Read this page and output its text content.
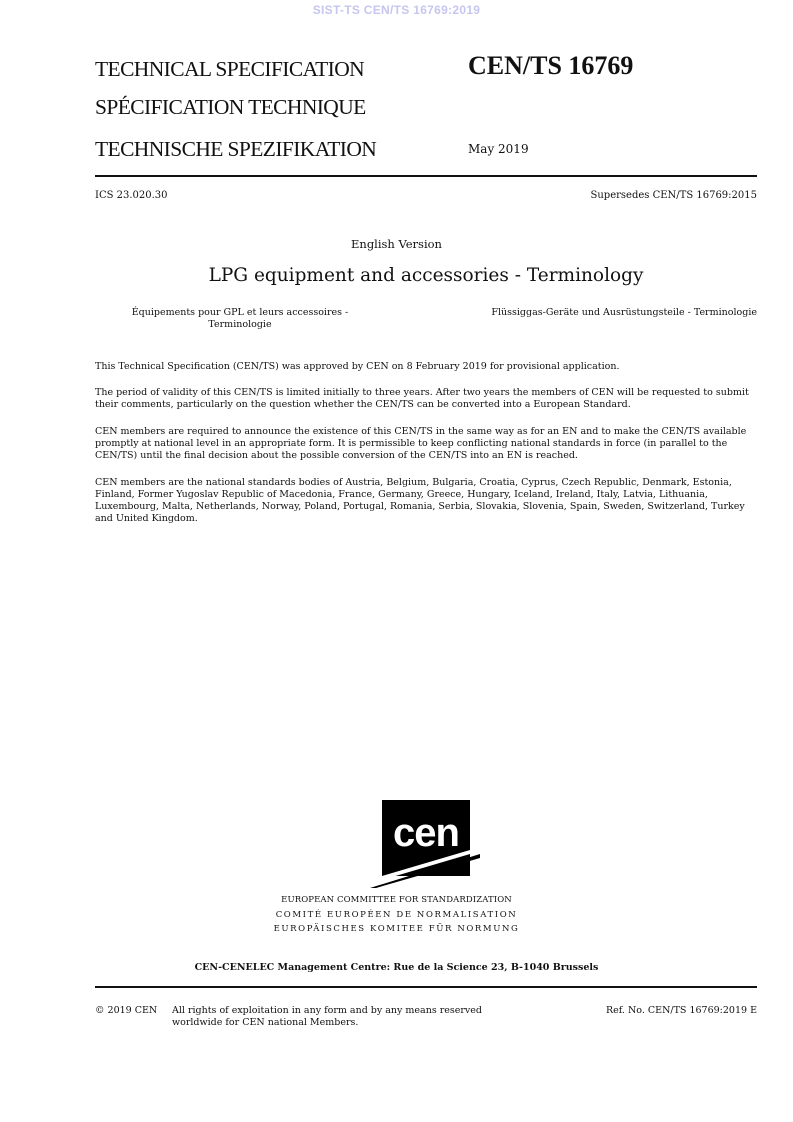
SIST-TS CEN/TS 16769:2019
TECHNICAL SPECIFICATION
SPÉCIFICATION TECHNIQUE
TECHNISCHE SPEZIFIKATION
CEN/TS 16769
May 2019
ICS 23.020.30	Supersedes CEN/TS 16769:2015
English Version
LPG equipment and accessories - Terminology
Équipements pour GPL et leurs accessoires -
Terminologie
Flüssiggas-Geräte und Ausrüstungsteile - Terminologie
This Technical Specification (CEN/TS) was approved by CEN on 8 February 2019 for provisional application.
The period of validity of this CEN/TS is limited initially to three years. After two years the members of CEN will be requested to submit their comments, particularly on the question whether the CEN/TS can be converted into a European Standard.
CEN members are required to announce the existence of this CEN/TS in the same way as for an EN and to make the CEN/TS available promptly at national level in an appropriate form. It is permissible to keep conflicting national standards in force (in parallel to the CEN/TS) until the final decision about the possible conversion of the CEN/TS into an EN is reached.
CEN members are the national standards bodies of Austria, Belgium, Bulgaria, Croatia, Cyprus, Czech Republic, Denmark, Estonia, Finland, Former Yugoslav Republic of Macedonia, France, Germany, Greece, Hungary, Iceland, Ireland, Italy, Latvia, Lithuania, Luxembourg, Malta, Netherlands, Norway, Poland, Portugal, Romania, Serbia, Slovakia, Slovenia, Spain, Sweden, Switzerland, Turkey and United Kingdom.
cen
EUROPEAN COMMITTEE FOR STANDARDIZATION
COMITÉ EUROPÉEN DE NORMALISATION
EUROPÄISCHES KOMITEE FÜR NORMUNG
CEN-CENELEC Management Centre: Rue de la Science 23, B-1040 Brussels
© 2019 CEN All rights of exploitation in any form and by any means reserved
worldwide for CEN national Members.
Ref. No. CEN/TS 16769:2019 E
